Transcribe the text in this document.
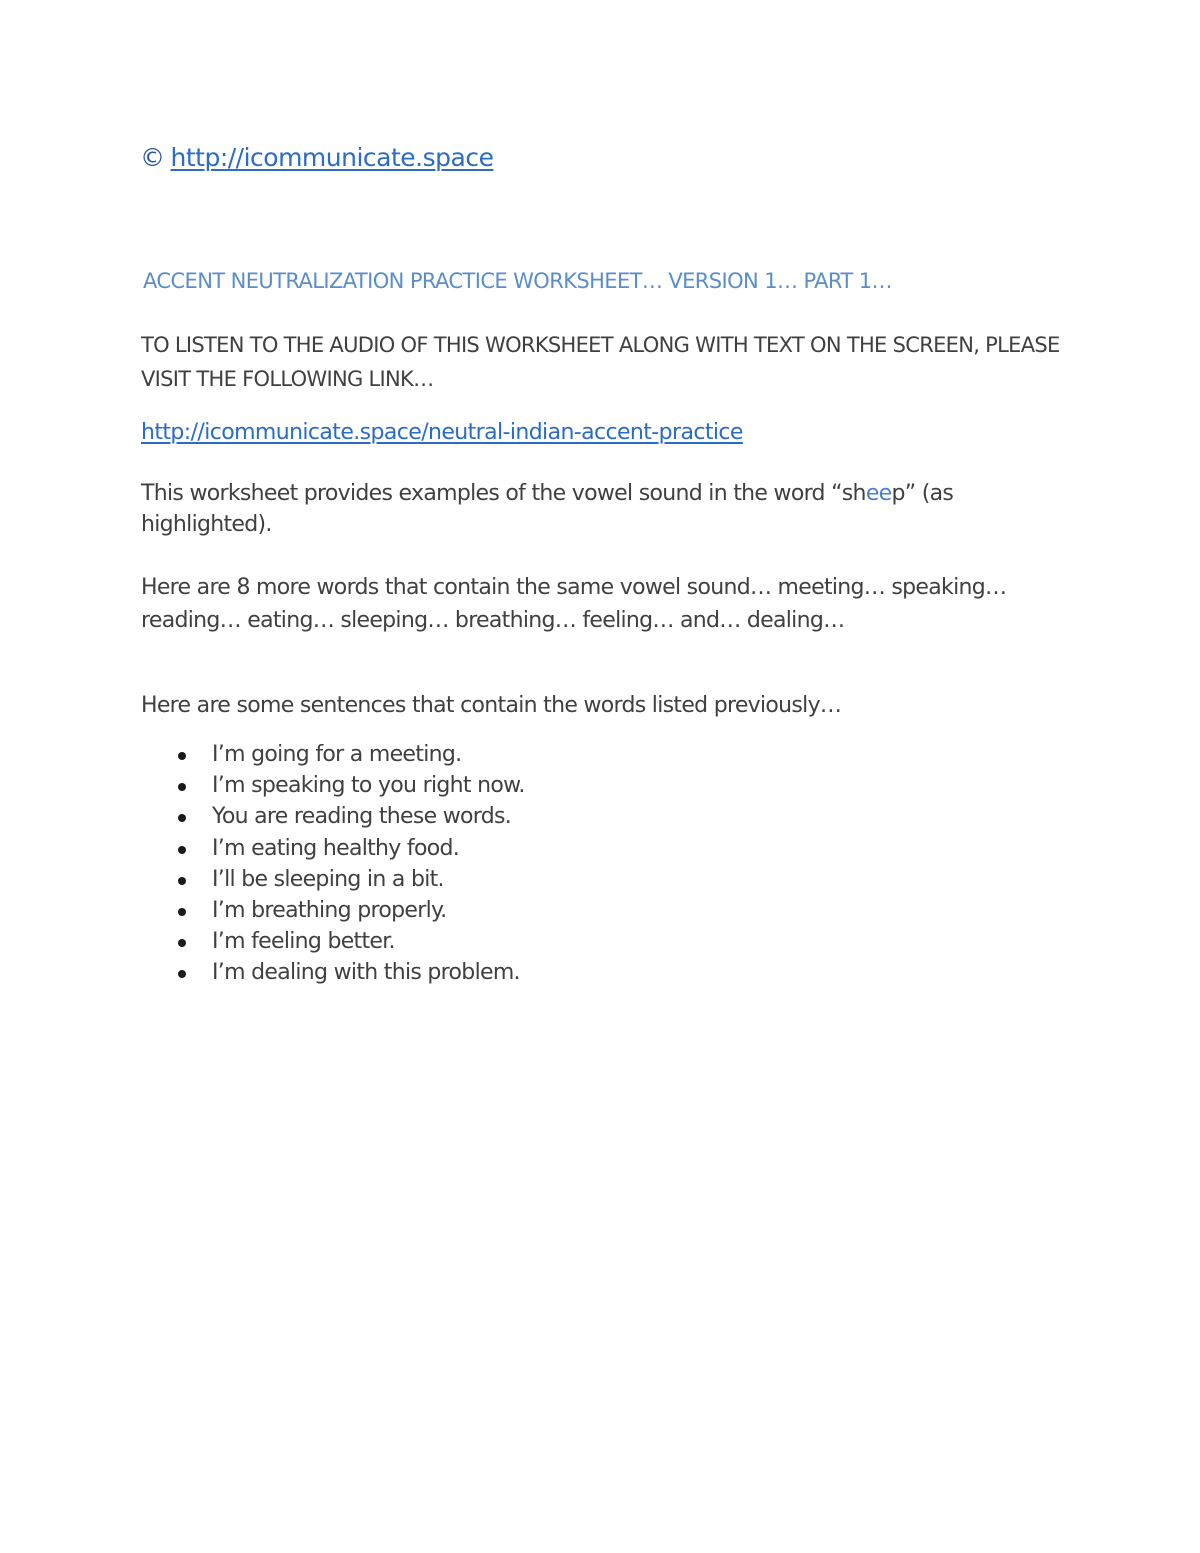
© http://icommunicate.space
ACCENT NEUTRALIZATION PRACTICE WORKSHEET… VERSION 1… PART 1…
TO LISTEN TO THE AUDIO OF THIS WORKSHEET ALONG WITH TEXT ON THE SCREEN, PLEASE VISIT THE FOLLOWING LINK…
http://icommunicate.space/neutral-indian-accent-practice
This worksheet provides examples of the vowel sound in the word “sheep” (as highlighted).
Here are 8 more words that contain the same vowel sound… meeting… speaking… reading… eating… sleeping… breathing… feeling… and… dealing…
Here are some sentences that contain the words listed previously…
I’m going for a meeting.
I’m speaking to you right now.
You are reading these words.
I’m eating healthy food.
I’ll be sleeping in a bit.
I’m breathing properly.
I’m feeling better.
I’m dealing with this problem.
